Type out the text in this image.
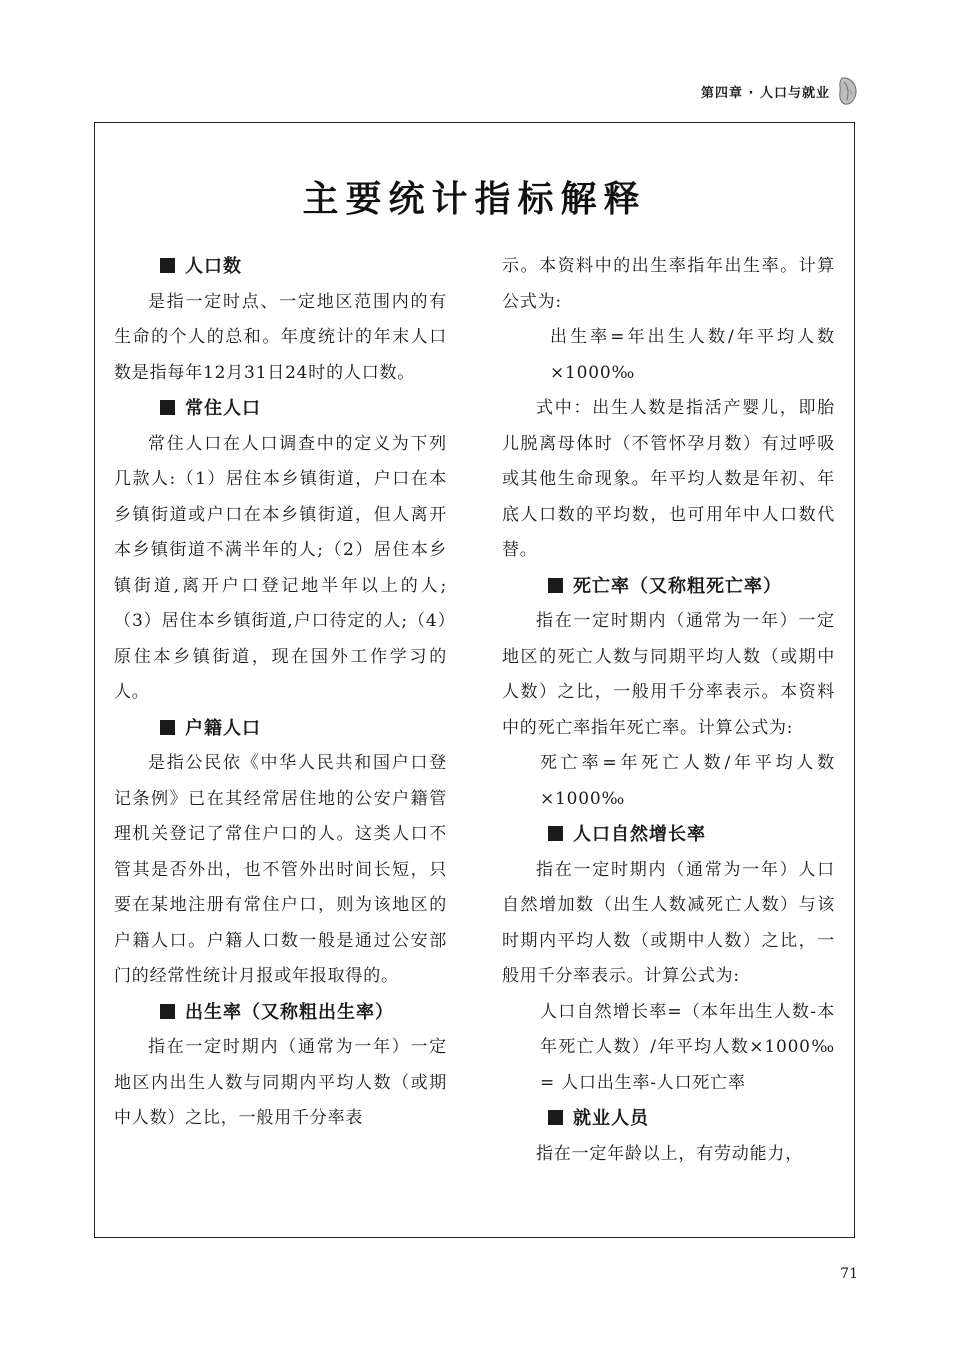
第四章 · 人口与就业
主要统计指标解释
人口数

是指一定时点、一定地区范围内的有生命的个人的总和。年度统计的年末人口数是指每年12月31日24时的人口数。

常住人口

常住人口在人口调查中的定义为下列几款人:（1）居住本乡镇街道，户口在本乡镇街道或户口在本乡镇街道，但人离开本乡镇街道不满半年的人;（2）居住本乡镇街道,离开户口登记地半年以上的人;（3）居住本乡镇街道,户口待定的人;（4）原住本乡镇街道，现在国外工作学习的人。

户籍人口

是指公民依《中华人民共和国户口登记条例》已在其经常居住地的公安户籍管理机关登记了常住户口的人。这类人口不管其是否外出，也不管外出时间长短，只要在某地注册有常住户口，则为该地区的户籍人口。户籍人口数一般是通过公安部门的经常性统计月报或年报取得的。

出生率（又称粗出生率）

指在一定时期内（通常为一年）一定地区内出生人数与同期内平均人数（或期中人数）之比，一般用千分率表

示。本资料中的出生率指年出生率。计算公式为:

出生率=年出生人数/年平均人数×1000‰

式中：出生人数是指活产婴儿，即胎儿脱离母体时（不管怀孕月数）有过呼吸或其他生命现象。年平均人数是年初、年底人口数的平均数，也可用年中人口数代替。

死亡率（又称粗死亡率）

指在一定时期内（通常为一年）一定地区的死亡人数与同期平均人数（或期中人数）之比，一般用千分率表示。本资料中的死亡率指年死亡率。计算公式为:

死亡率=年死亡人数/年平均人数×1000‰

人口自然增长率

指在一定时期内（通常为一年）人口自然增加数（出生人数减死亡人数）与该时期内平均人数（或期中人数）之比，一般用千分率表示。计算公式为:

人口自然增长率=（本年出生人数-本年死亡人数）/年平均人数×1000‰ = 人口出生率-人口死亡率

就业人员

指在一定年龄以上，有劳动能力，

71
